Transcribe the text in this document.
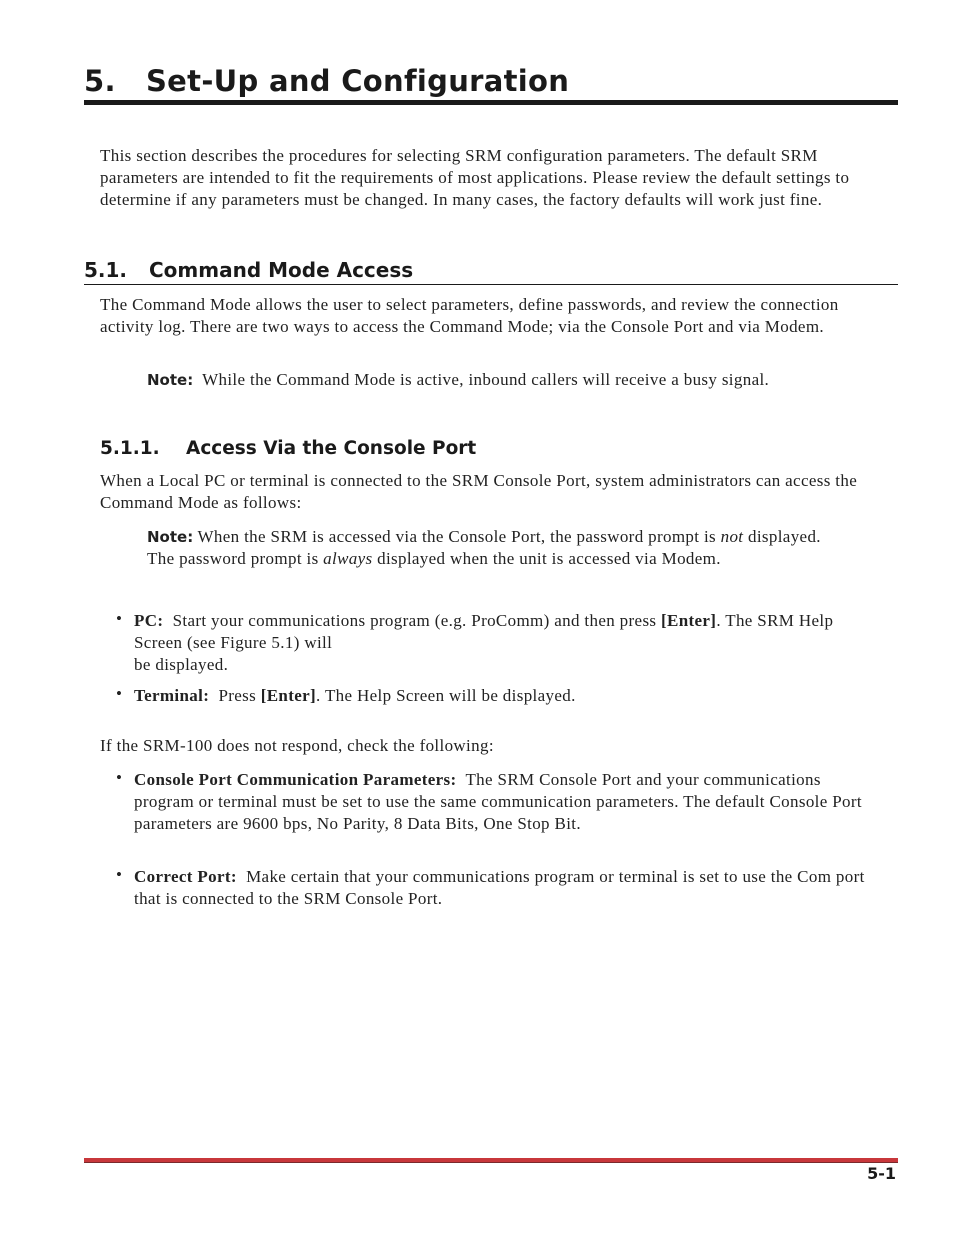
5. Set-Up and Configuration

This section describes the procedures for selecting SRM configuration parameters. The default SRM parameters are intended to fit the requirements of most applications. Please review the default settings to determine if any parameters must be changed. In many cases, the factory defaults will work just fine.

5.1. Command Mode Access

The Command Mode allows the user to select parameters, define passwords, and review the connection activity log. There are two ways to access the Command Mode; via the Console Port and via Modem.

Note: While the Command Mode is active, inbound callers will receive a busy signal.

5.1.1. Access Via the Console Port

When a Local PC or terminal is connected to the SRM Console Port, system administrators can access the Command Mode as follows:

Note: When the SRM is accessed via the Console Port, the password prompt is not displayed. The password prompt is always displayed when the unit is accessed via Modem.

• PC: Start your communications program (e.g. ProComm) and then press [Enter]. The SRM Help Screen (see Figure 5.1) will
be displayed.

• Terminal: Press [Enter]. The Help Screen will be displayed.

If the SRM-100 does not respond, check the following:

• Console Port Communication Parameters: The SRM Console Port and your communications program or terminal must be set to use the same communication parameters. The default Console Port parameters are 9600 bps, No Parity, 8 Data Bits, One Stop Bit.

• Correct Port: Make certain that your communications program or terminal is set to use the Com port that is connected to the SRM Console Port.

5-1
